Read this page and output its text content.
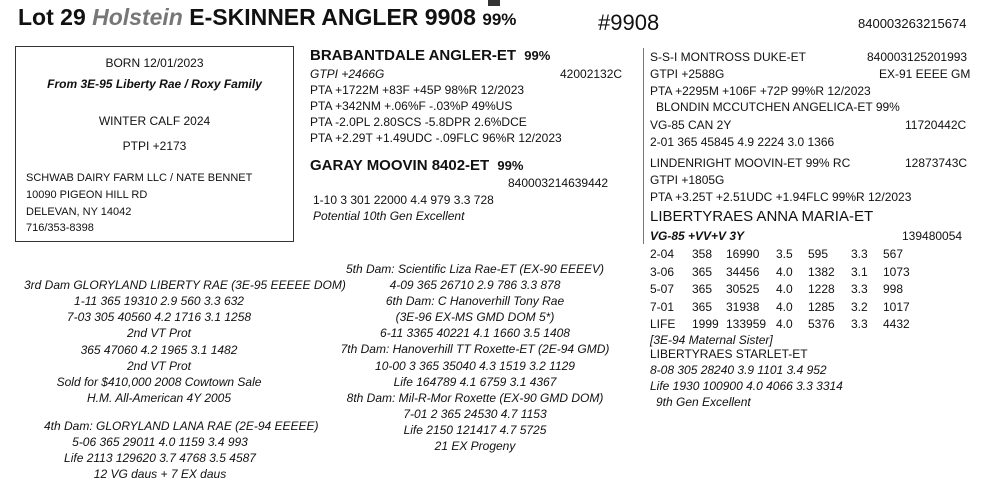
Lot 29 Holstein E-SKINNER ANGLER 9908 99%	#9908	840003263215674
BORN 12/01/2023
From 3E-95 Liberty Rae / Roxy Family
WINTER CALF 2024
PTPI +2173
SCHWAB DAIRY FARM LLC / NATE BENNET
10090 PIGEON HILL RD
DELEVAN, NY 14042
716/353-8398
BRABANTDALE ANGLER-ET 99%
GTPI +2466G	42002132C
PTA +1722M +83F +45P 98%R 12/2023
PTA +342NM +.06%F -.03%P 49%US
PTA -2.0PL 2.80SCS -5.8DPR 2.6%DCE
PTA +2.29T +1.49UDC -.09FLC 96%R 12/2023
GARAY MOOVIN 8402-ET 99%
840003214639442
1-10 3 301 22000 4.4 979 3.3 728
Potential 10th Gen Excellent
S-S-I MONTROSS DUKE-ET	840003125201993
GTPI +2588G	EX-91 EEEE GM
PTA +2295M +106F +72P 99%R 12/2023
BLONDIN MCCUTCHEN ANGELICA-ET 99%
VG-85 CAN 2Y	11720442C
2-01 365 45845 4.9 2224 3.0 1366
LINDENRIGHT MOOVIN-ET 99% RC	12873743C
GTPI +1805G
PTA +3.25T +2.51UDC +1.94FLC 99%R 12/2023
LIBERTYRAES ANNA MARIA-ET
VG-85 +VV+V 3Y	139480054
2-04	358	16990	3.5	595	3.3	567
3-06	365	34456	4.0	1382	3.1	1073
5-07	365	30525	4.0	1228	3.3	998
7-01	365	31938	4.0	1285	3.2	1017
LIFE	1999 133959 4.0	5376	3.3	4432
[3E-94 Maternal Sister]
LIBERTYRAES STARLET-ET
8-08 305 28240 3.9 1101 3.4 952
Life 1930 100900 4.0 4066 3.3 3314
9th Gen Excellent
3rd Dam GLORYLAND LIBERTY RAE (3E-95 EEEEE DOM)
1-11 365 19310 2.9 560 3.3 632
7-03 305 40560 4.2 1716 3.1 1258
2nd VT Prot
365 47060 4.2 1965 3.1 1482
2nd VT Prot
Sold for $410,000 2008 Cowtown Sale
H.M. All-American 4Y 2005
4th Dam: GLORYLAND LANA RAE (2E-94 EEEEE)
5-06 365 29011 4.0 1159 3.4 993
Life 2113 129620 3.7 4768 3.5 4587
12 VG daus + 7 EX daus
5th Dam: Scientific Liza Rae-ET (EX-90 EEEEV)
4-09 365 26710 2.9 786 3.3 878
6th Dam: C Hanoverhill Tony Rae
(3E-96 EX-MS GMD DOM 5*)
6-11 3365 40221 4.1 1660 3.5 1408
7th Dam: Hanoverhill TT Roxette-ET (2E-94 GMD)
10-00 3 365 35040 4.3 1519 3.2 1129
Life 164789 4.1 6759 3.1 4367
8th Dam: Mil-R-Mor Roxette (EX-90 GMD DOM)
7-01 2 365 24530 4.7 1153
Life 2150 121417 4.7 5725
21 EX Progeny
